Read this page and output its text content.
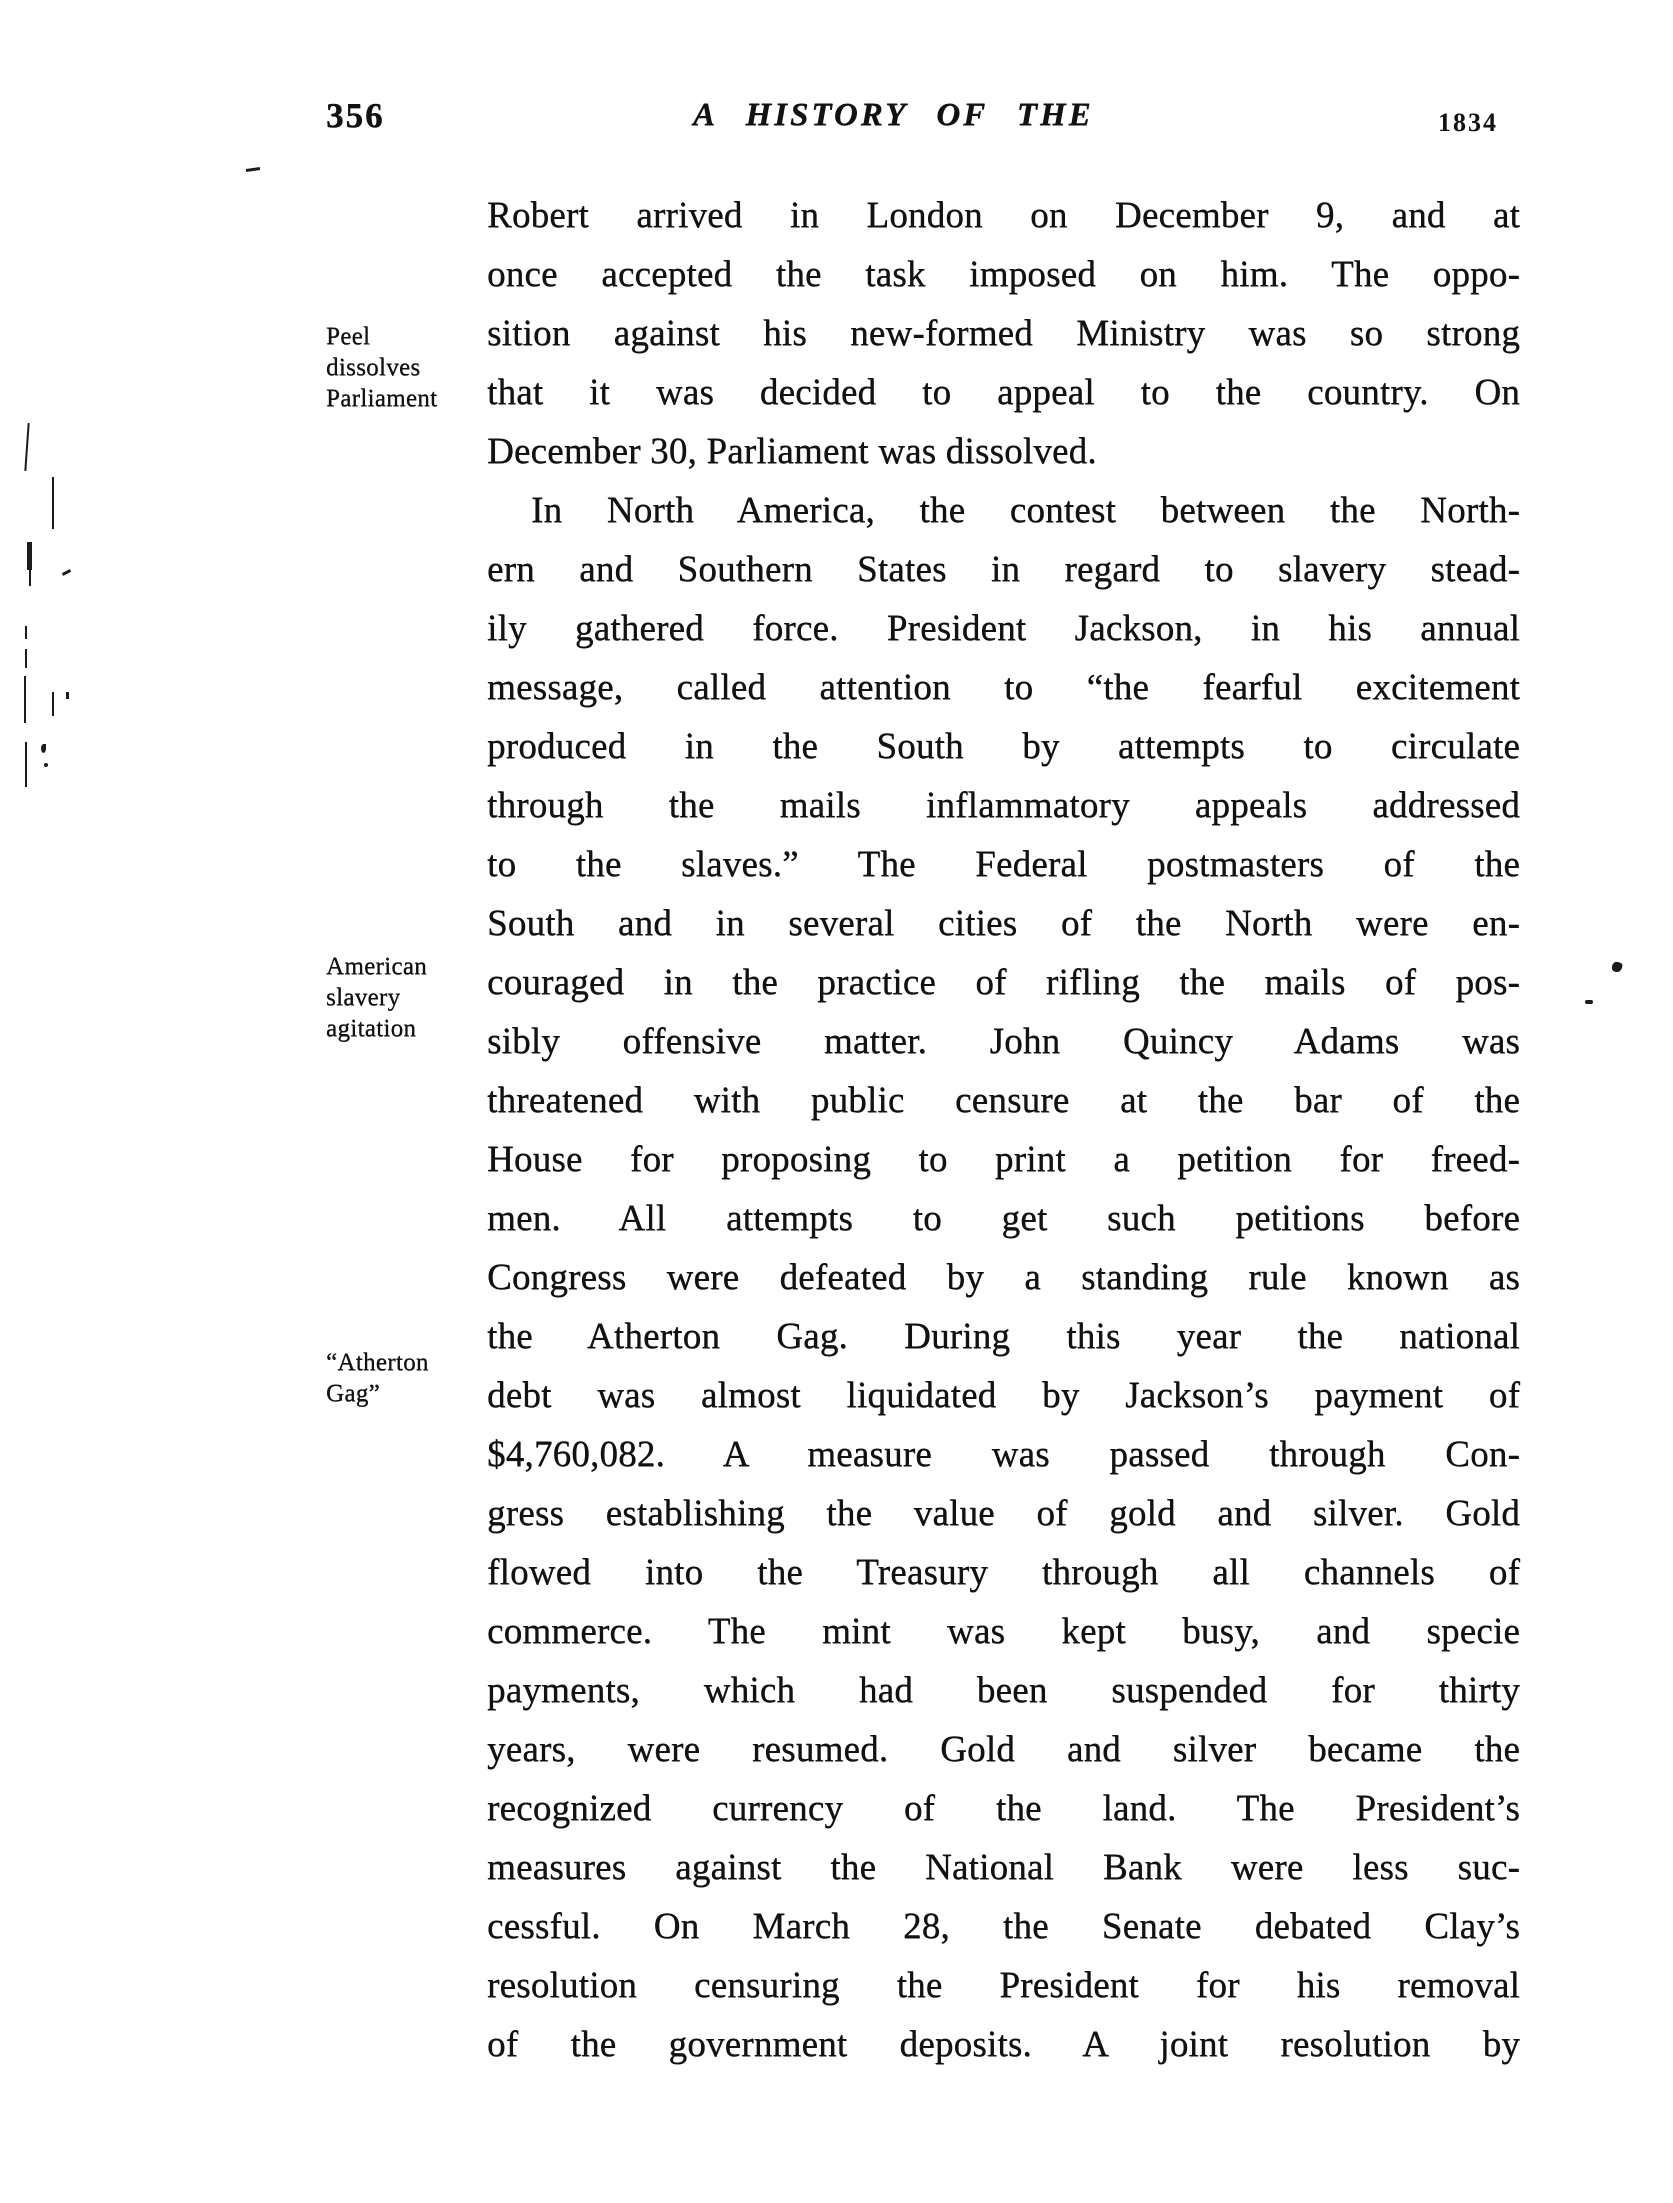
356	A HISTORY OF THE	1834
Peel
dissolves
Parliament
American
slavery
agitation
“Atherton
Gag”
Robert arrived in London on December 9, and at
once accepted the task imposed on him. The oppo-
sition against his new-formed Ministry was so strong
that it was decided to appeal to the country. On
December 30, Parliament was dissolved.
In North America, the contest between the North-
ern and Southern States in regard to slavery stead-
ily gathered force. President Jackson, in his annual
message, called attention to “the fearful excitement
produced in the South by attempts to circulate
through the mails inflammatory appeals addressed
to the slaves.” The Federal postmasters of the
South and in several cities of the North were en-
couraged in the practice of rifling the mails of pos-
sibly offensive matter. John Quincy Adams was
threatened with public censure at the bar of the
House for proposing to print a petition for freed-
men. All attempts to get such petitions before
Congress were defeated by a standing rule known as
the Atherton Gag. During this year the national
debt was almost liquidated by Jackson’s payment of
$4,760,082. A measure was passed through Con-
gress establishing the value of gold and silver. Gold
flowed into the Treasury through all channels of
commerce. The mint was kept busy, and specie
payments, which had been suspended for thirty
years, were resumed. Gold and silver became the
recognized currency of the land. The President’s
measures against the National Bank were less suc-
cessful. On March 28, the Senate debated Clay’s
resolution censuring the President for his removal
of the government deposits. A joint resolution by
